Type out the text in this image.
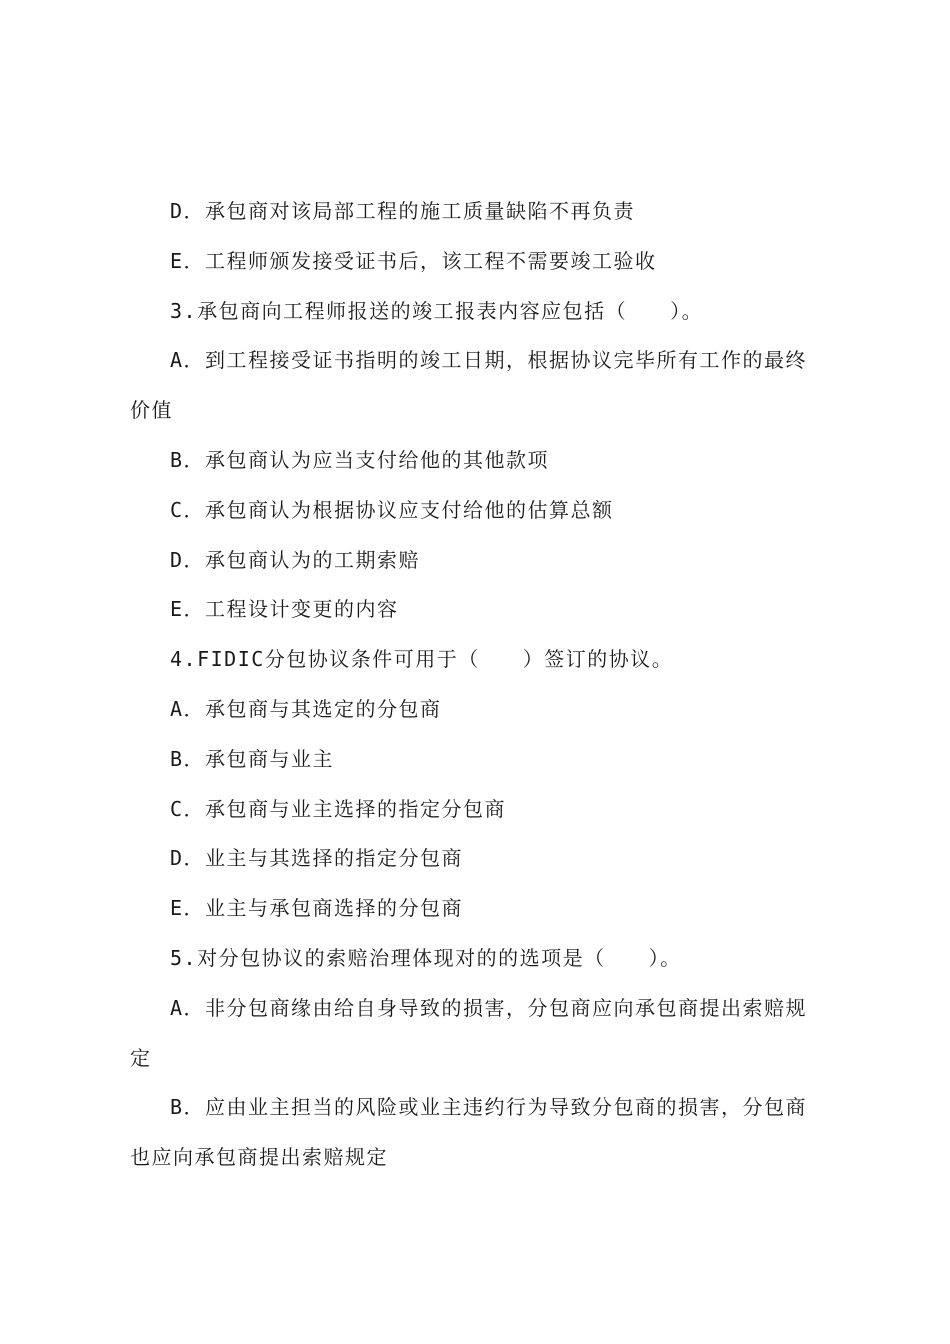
D．承包商对该局部工程的施工质量缺陷不再负责
E．工程师颁发接受证书后，该工程不需要竣工验收
3.承包商向工程师报送的竣工报表内容应包括（　　）。
A．到工程接受证书指明的竣工日期，根据协议完毕所有工作的最终
价值
B．承包商认为应当支付给他的其他款项
C．承包商认为根据协议应支付给他的估算总额
D．承包商认为的工期索赔
E．工程设计变更的内容
4.FIDIC分包协议条件可用于（　　）签订的协议。
A．承包商与其选定的分包商
B．承包商与业主
C．承包商与业主选择的指定分包商
D．业主与其选择的指定分包商
E．业主与承包商选择的分包商
5.对分包协议的索赔治理体现对的的选项是（　　）。
A．非分包商缘由给自身导致的损害，分包商应向承包商提出索赔规
定
B．应由业主担当的风险或业主违约行为导致分包商的损害，分包商
也应向承包商提出索赔规定
